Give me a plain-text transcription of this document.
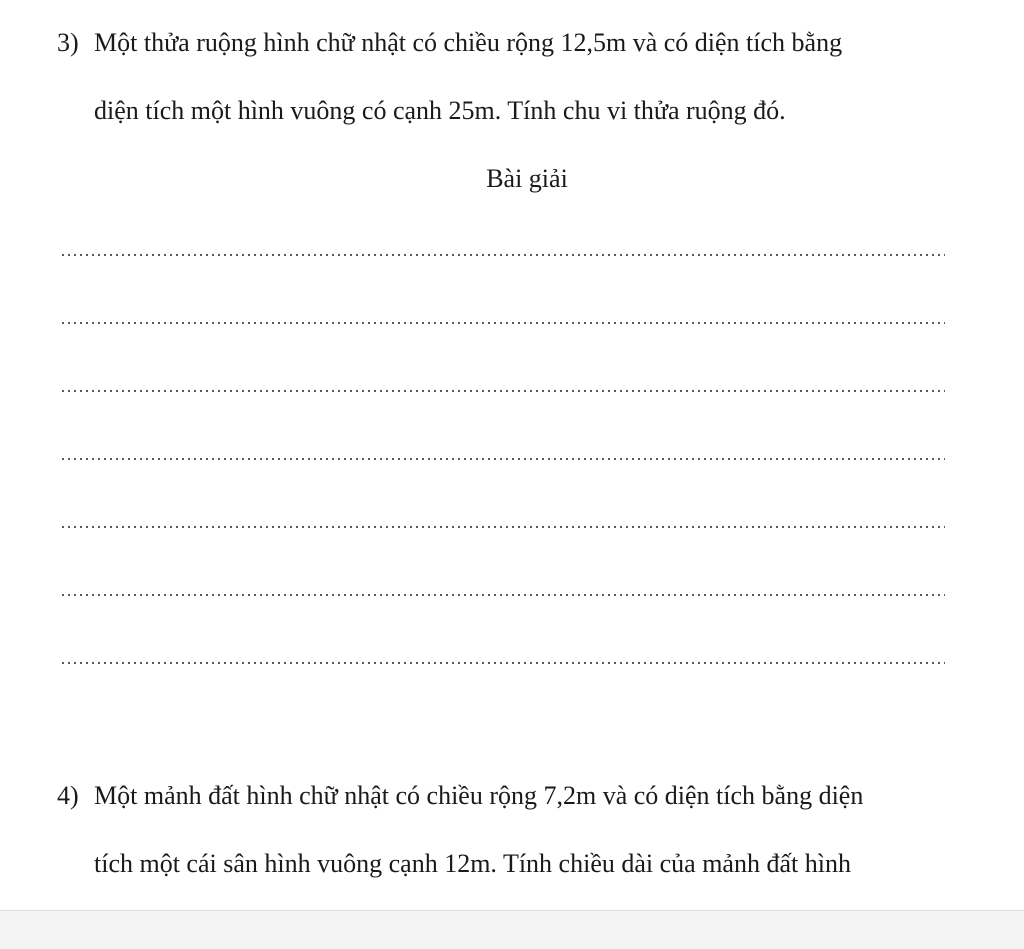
3) Một thửa ruộng hình chữ nhật có chiều rộng 12,5m và có diện tích bằng
diện tích một hình vuông có cạnh 25m. Tính chu vi thửa ruộng đó.
Bài giải
4) Một mảnh đất hình chữ nhật có chiều rộng 7,2m và có diện tích bằng diện
tích một cái sân hình vuông cạnh 12m. Tính chiều dài của mảnh đất hình
